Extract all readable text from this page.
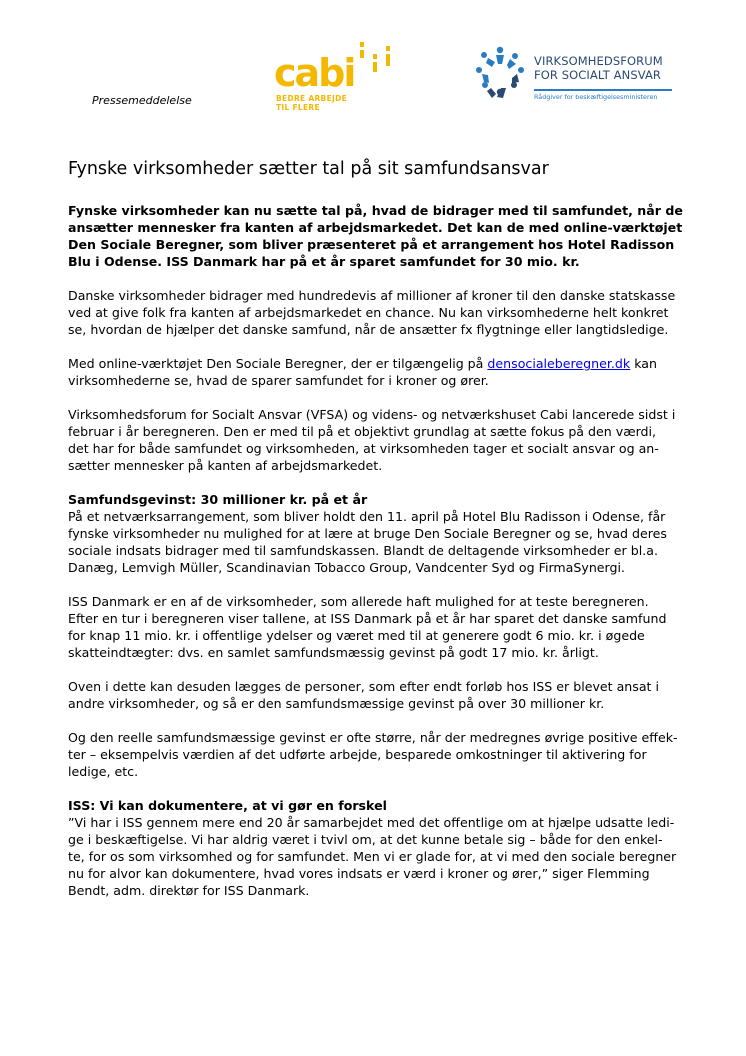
Pressemeddelelse
cabi
BEDRE ARBEJDE
TIL FLERE
VIRKSOMHEDSFORUM
FOR SOCIALT ANSVAR
Rådgiver for beskæftigelsesministeren
Fynske virksomheder sætter tal på sit samfundsansvar

Fynske virksomheder kan nu sætte tal på, hvad de bidrager med til samfundet, når de
ansætter mennesker fra kanten af arbejdsmarkedet. Det kan de med online-værktøjet
Den Sociale Beregner, som bliver præsenteret på et arrangement hos Hotel Radisson
Blu i Odense. ISS Danmark har på et år sparet samfundet for 30 mio. kr.

Danske virksomheder bidrager med hundredevis af millioner af kroner til den danske statskasse
ved at give folk fra kanten af arbejdsmarkedet en chance. Nu kan virksomhederne helt konkret
se, hvordan de hjælper det danske samfund, når de ansætter fx flygtninge eller langtidsledige.

Med online-værktøjet Den Sociale Beregner, der er tilgængelig på densocialeberegner.dk kan
virksomhederne se, hvad de sparer samfundet for i kroner og ører.

Virksomhedsforum for Socialt Ansvar (VFSA) og videns- og netværkshuset Cabi lancerede sidst i
februar i år beregneren. Den er med til på et objektivt grundlag at sætte fokus på den værdi,
det har for både samfundet og virksomheden, at virksomheden tager et socialt ansvar og an-
sætter mennesker på kanten af arbejdsmarkedet.

Samfundsgevinst: 30 millioner kr. på et år

På et netværksarrangement, som bliver holdt den 11. april på Hotel Blu Radisson i Odense, får
fynske virksomheder nu mulighed for at lære at bruge Den Sociale Beregner og se, hvad deres
sociale indsats bidrager med til samfundskassen. Blandt de deltagende virksomheder er bl.a.
Danæg, Lemvigh Müller, Scandinavian Tobacco Group, Vandcenter Syd og FirmaSynergi.

ISS Danmark er en af de virksomheder, som allerede haft mulighed for at teste beregneren.
Efter en tur i beregneren viser tallene, at ISS Danmark på et år har sparet det danske samfund
for knap 11 mio. kr. i offentlige ydelser og været med til at generere godt 6 mio. kr. i øgede
skatteindtægter: dvs. en samlet samfundsmæssig gevinst på godt 17 mio. kr. årligt.

Oven i dette kan desuden lægges de personer, som efter endt forløb hos ISS er blevet ansat i
andre virksomheder, og så er den samfundsmæssige gevinst på over 30 millioner kr.

Og den reelle samfundsmæssige gevinst er ofte større, når der medregnes øvrige positive effek-
ter – eksempelvis værdien af det udførte arbejde, besparede omkostninger til aktivering for
ledige, etc.

ISS: Vi kan dokumentere, at vi gør en forskel

”Vi har i ISS gennem mere end 20 år samarbejdet med det offentlige om at hjælpe udsatte ledi-
ge i beskæftigelse. Vi har aldrig været i tvivl om, at det kunne betale sig – både for den enkel-
te, for os som virksomhed og for samfundet. Men vi er glade for, at vi med den sociale beregner
nu for alvor kan dokumentere, hvad vores indsats er værd i kroner og ører,” siger Flemming
Bendt, adm. direktør for ISS Danmark.
